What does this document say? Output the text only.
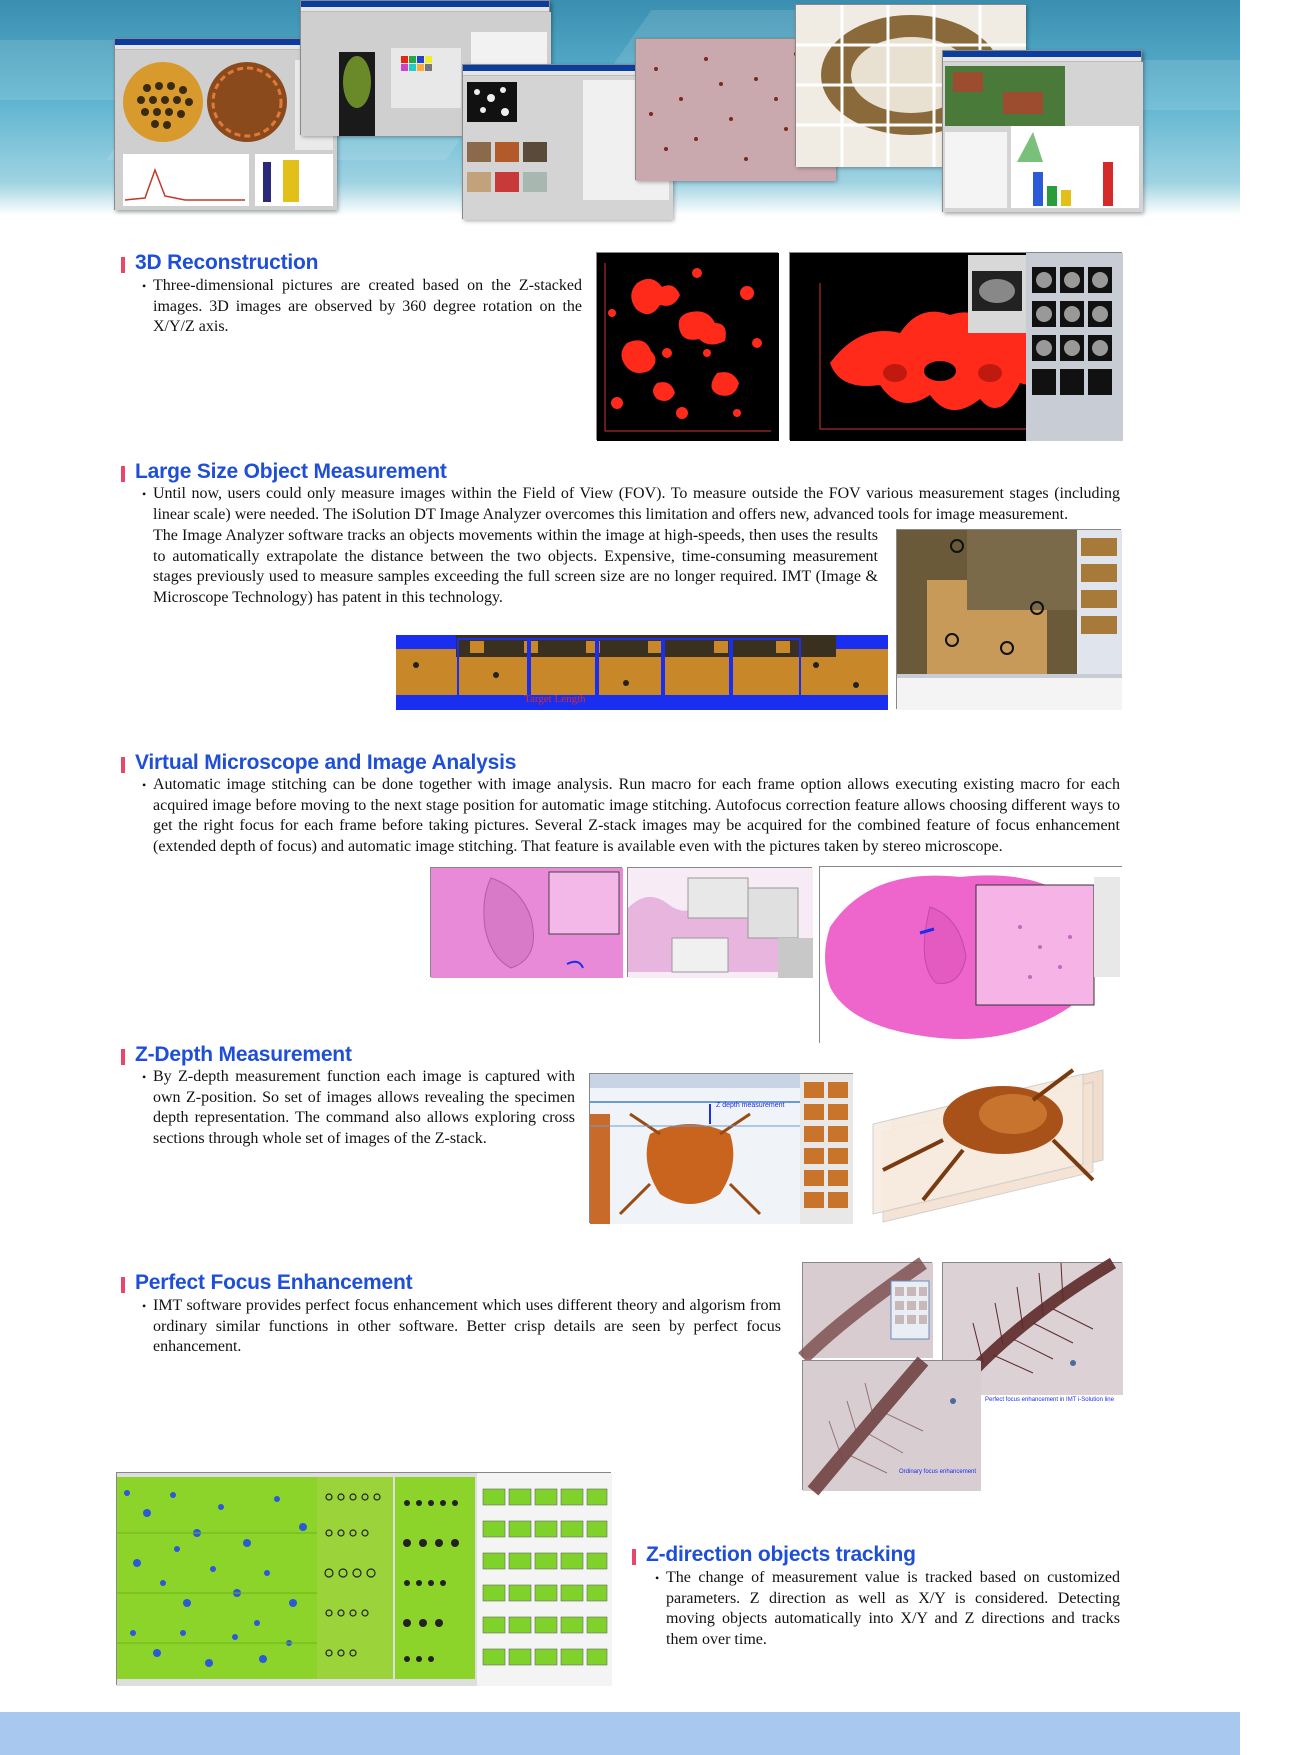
3D Reconstruction
• Three-dimensional pictures are created based on the Z-stacked images. 3D images are observed by 360 degree rotation on the X/Y/Z axis.
Large Size Object Measurement
• Until now, users could only measure images within the Field of View (FOV). To measure outside the FOV various measurement stages (including linear scale) were needed. The iSolution DT Image Analyzer overcomes this limitation and offers new, advanced tools for image measurement.
The Image Analyzer software tracks an objects movements within the image at high-speeds, then uses the results to automatically extrapolate the distance between the two objects. Expensive, time-consuming measurement stages previously used to measure samples exceeding the full screen size are no longer required. IMT (Image & Microscope Technology) has patent in this technology.
Target Length
Virtual Microscope and Image Analysis
• Automatic image stitching can be done together with image analysis. Run macro for each frame option allows executing existing macro for each acquired image before moving to the next stage position for automatic image stitching. Autofocus correction feature allows choosing different ways to get the right focus for each frame before taking pictures. Several Z-stack images may be acquired for the combined feature of focus enhancement (extended depth of focus) and automatic image stitching. That feature is available even with the pictures taken by stereo microscope.
Z-Depth Measurement
• By Z-depth measurement function each image is captured with own Z-position. So set of images allows revealing the specimen depth representation. The command also allows exploring cross sections through whole set of images of the Z-stack.
Z depth measurement
Perfect Focus Enhancement
• IMT software provides perfect focus enhancement which uses different theory and algorism from ordinary similar functions in other software. Better crisp details are seen by perfect focus enhancement.
Perfect focus enhancement in IMT i-Solution line
Ordinary focus enhancement
Z-direction objects tracking
• The change of measurement value is tracked based on customized parameters. Z direction as well as X/Y is considered. Detecting moving objects automatically into X/Y and Z directions and tracks them over time.
